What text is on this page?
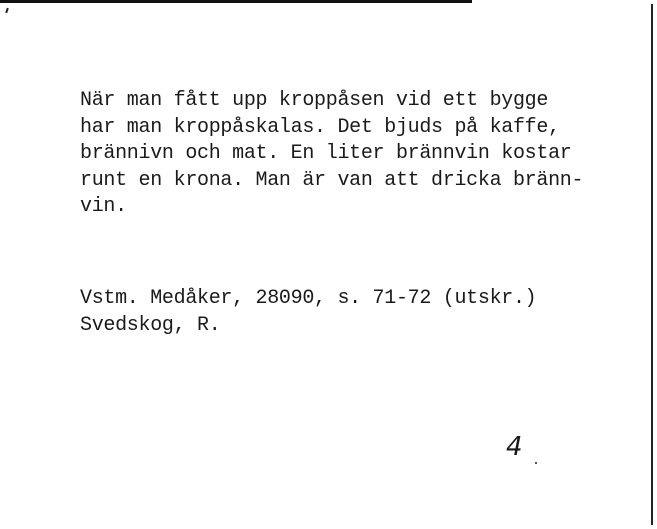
När man fått upp kroppåsen vid ett bygge
har man kroppåskalas. Det bjuds på kaffe,
brännivn och mat. En liter brännvin kostar
runt en krona. Man är van att dricka bränn-
vin.
Vstm. Medåker, 28090, s. 71-72 (utskr.)
Svedskog, R.
4
